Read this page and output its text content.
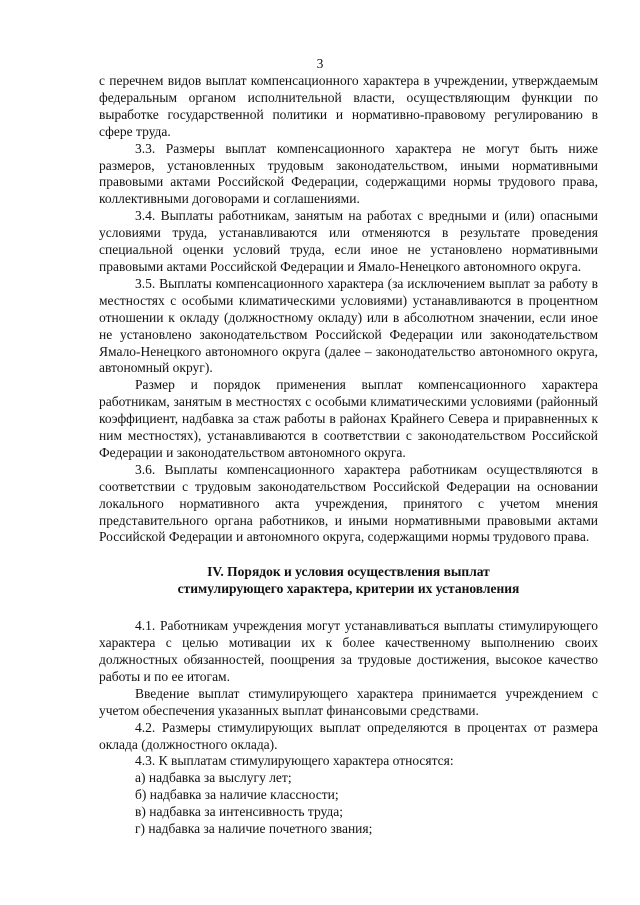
3

с перечнем видов выплат компенсационного характера в учреждении, утверждаемым федеральным органом исполнительной власти, осуществляющим функции по выработке государственной политики и нормативно-правовому регулированию в сфере труда.

3.3. Размеры выплат компенсационного характера не могут быть ниже размеров, установленных трудовым законодательством, иными нормативными правовыми актами Российской Федерации, содержащими нормы трудового права, коллективными договорами и соглашениями.

3.4. Выплаты работникам, занятым на работах с вредными и (или) опасными условиями труда, устанавливаются или отменяются в результате проведения специальной оценки условий труда, если иное не установлено нормативными правовыми актами Российской Федерации и Ямало-Ненецкого автономного округа.

3.5. Выплаты компенсационного характера (за исключением выплат за работу в местностях с особыми климатическими условиями) устанавливаются в процентном отношении к окладу (должностному окладу) или в абсолютном значении, если иное не установлено законодательством Российской Федерации или законодательством Ямало-Ненецкого автономного округа (далее – законодательство автономного округа, автономный округ).

Размер и порядок применения выплат компенсационного характера работникам, занятым в местностях с особыми климатическими условиями (районный коэффициент, надбавка за стаж работы в районах Крайнего Севера и приравненных к ним местностях), устанавливаются в соответствии с законодательством Российской Федерации и законодательством автономного округа.

3.6. Выплаты компенсационного характера работникам осуществляются в соответствии с трудовым законодательством Российской Федерации на основании локального нормативного акта учреждения, принятого с учетом мнения представительного органа работников, и иными нормативными правовыми актами Российской Федерации и автономного округа, содержащими нормы трудового права.

IV. Порядок и условия осуществления выплат
стимулирующего характера, критерии их установления

4.1. Работникам учреждения могут устанавливаться выплаты стимулирующего характера с целью мотивации их к более качественному выполнению своих должностных обязанностей, поощрения за трудовые достижения, высокое качество работы и по ее итогам.

Введение выплат стимулирующего характера принимается учреждением с учетом обеспечения указанных выплат финансовыми средствами.

4.2. Размеры стимулирующих выплат определяются в процентах от размера оклада (должностного оклада).

4.3. К выплатам стимулирующего характера относятся:

а) надбавка за выслугу лет;

б) надбавка за наличие классности;

в) надбавка за интенсивность труда;

г) надбавка за наличие почетного звания;
